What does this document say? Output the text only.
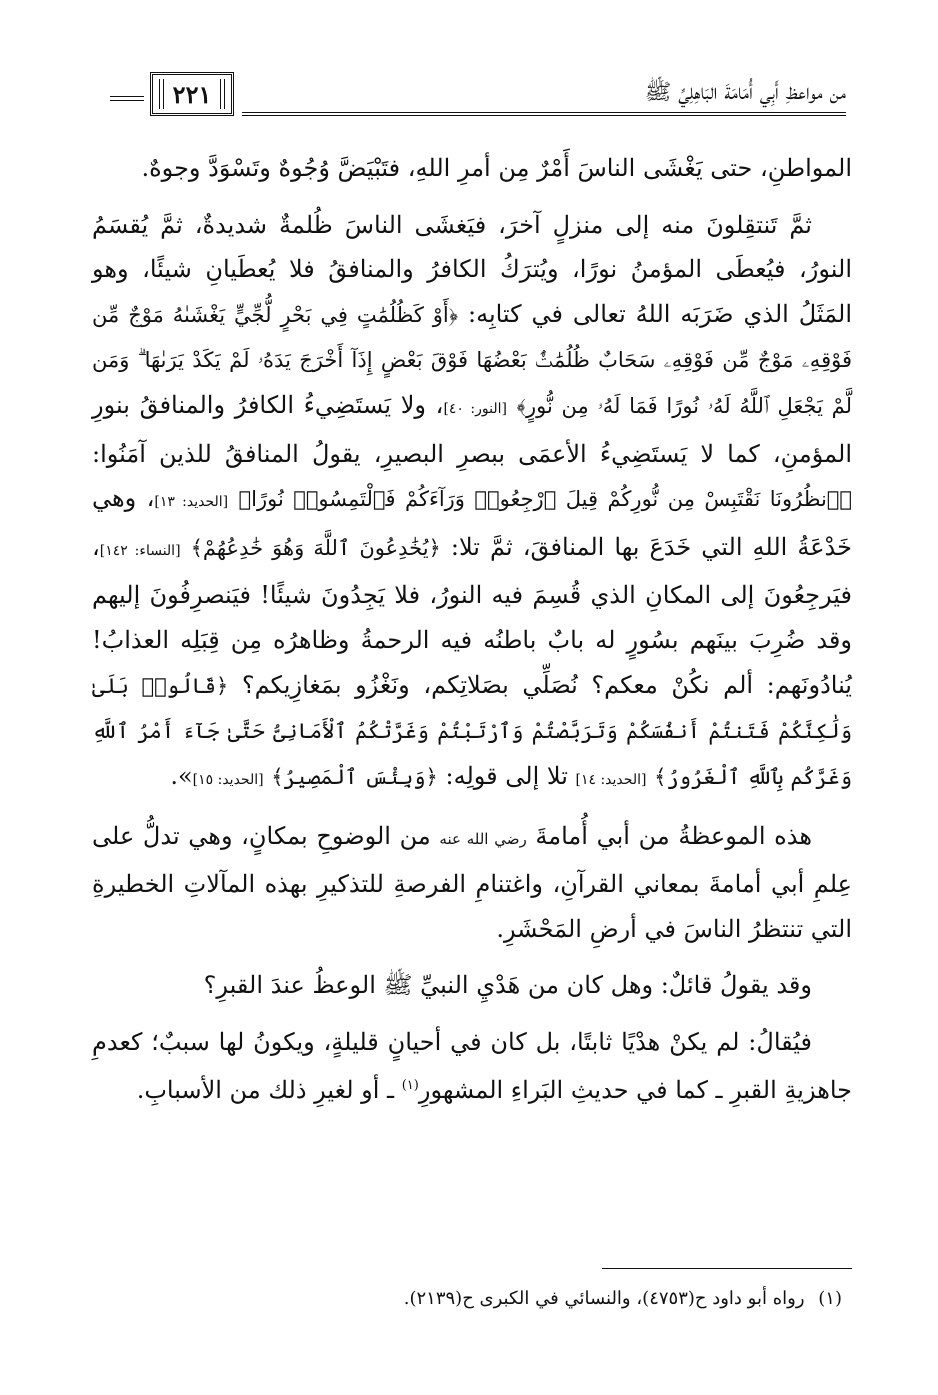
من مواعظِ أَبِي أُمَامَةَ البَاهِلِيِّ ﷺ
٢٢١

المواطنِ، حتى يَغْشَى الناسَ أَمْرٌ مِن أمرِ اللهِ، فتَبْيَضَّ وُجُوهٌ وتَسْوَدَّ وجوهٌ.

ثمَّ تَنتقِلونَ منه إلى منزلٍ آخرَ، فيَغشَى الناسَ ظُلمةٌ شديدةٌ، ثمَّ يُقسَمُ النورُ، فيُعطَى المؤمنُ نورًا، ويُترَكُ الكافرُ والمنافقُ فلا يُعطَيانِ شيئًا، وهو المَثَلُ الذي ضَرَبَه اللهُ تعالى في كتابِه: ﴿أَوْ كَظُلُمَٰتٍ فِي بَحْرٍ لُّجِّيٍّ يَغْشَىٰهُ مَوْجٌ مِّن فَوْقِهِۦ مَوْجٌ مِّن فَوْقِهِۦ سَحَابٌ ظُلُمَٰتٌۢ بَعْضُهَا فَوْقَ بَعْضٍ إِذَآ أَخْرَجَ يَدَهُۥ لَمْ يَكَدْ يَرَىٰهَا ۗ وَمَن لَّمْ يَجْعَلِ ٱللَّهُ لَهُۥ نُورًا فَمَا لَهُۥ مِن نُّورٍ﴾ [النور: ٤٠]، ولا يَستَضِيءُ الكافرُ والمنافقُ بنورِ المؤمنِ، كما لا يَستَضِيءُ الأعمَى ببصرِ البصيرِ، يقولُ المنافقُ للذين آمَنُوا: ﴿ٱنظُرُونَا نَقْتَبِسْ مِن نُّورِكُمْ قِيلَ ٱرْجِعُوا۟ وَرَآءَكُمْ فَٱلْتَمِسُوا۟ نُورًا﴾ [الحديد: ١٣]، وهي خَدْعَةُ اللهِ التي خَدَعَ بها المنافقَ، ثمَّ تلا: ﴿يُخَٰدِعُونَ ٱللَّهَ وَهُوَ خَٰدِعُهُمْ﴾ [النساء: ١٤٢]، فيَرجِعُونَ إلى المكانِ الذي قُسِمَ فيه النورُ، فلا يَجِدُونَ شيئًا! فيَنصرِفُونَ إليهم وقد ضُرِبَ بينَهم بسُورٍ له بابٌ باطنُه فيه الرحمةُ وظاهرُه مِن قِبَلِه العذابُ! يُنادُونَهم: ألم نكُنْ معكم؟ نُصَلِّي بصَلاتِكم، ونَغْزُو بمَغازِيكم؟ ﴿قَالُوا۟ بَلَىٰ وَلَٰكِنَّكُمْ فَتَنتُمْ أَنفُسَكُمْ وَتَرَبَّصْتُمْ وَٱرْتَبْتُمْ وَغَرَّتْكُمُ ٱلْأَمَانِىُّ حَتَّىٰ جَآءَ أَمْرُ ٱللَّهِ وَغَرَّكُم بِٱللَّهِ ٱلْغَرُورُ﴾ [الحديد: ١٤] تلا إلى قولِه: ﴿وَبِئْسَ ٱلْمَصِيرُ﴾ [الحديد: ١٥]».

هذه الموعظةُ من أبي أُمامةَ رضي الله عنه من الوضوحِ بمكانٍ، وهي تدلُّ على عِلمِ أبي أمامةَ بمعاني القرآنِ، واغتنامِ الفرصةِ للتذكيرِ بهذه المآلاتِ الخطيرةِ التي تنتظرُ الناسَ في أرضِ المَحْشَرِ.

وقد يقولُ قائلٌ: وهل كان من هَدْيِ النبيِّ ﷺ الوعظُ عندَ القبرِ؟

فيُقالُ: لم يكنْ هدْيًا ثابتًا، بل كان في أحيانٍ قليلةٍ، ويكونُ لها سببٌ؛ كعدمِ جاهزيةِ القبرِ ـ كما في حديثِ البَراءِ المشهورِ$^{(١)}$ ـ أو لغيرِ ذلك من الأسبابِ.

(١) رواه أبو داود ح(٤٧٥٣)، والنسائي في الكبرى ح(٢١٣٩).
